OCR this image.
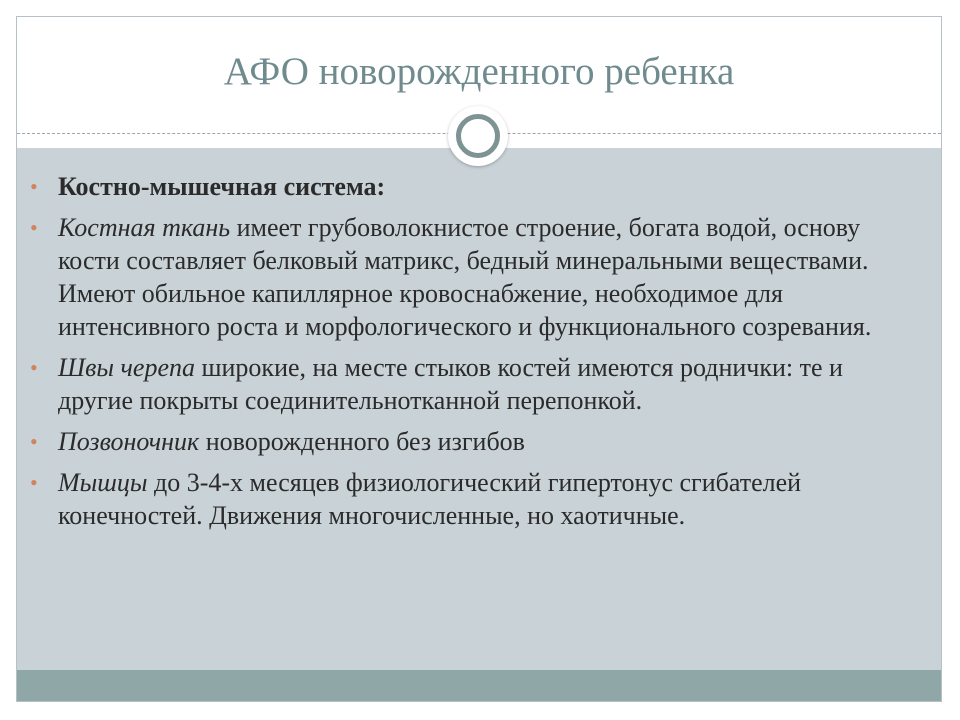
АФО новорожденного ребенка
• Костно-мышечная система:
• Костная ткань имеет грубоволокнистое строение, богата водой, основу кости составляет белковый матрикс, бедный минеральными веществами. Имеют обильное капиллярное кровоснабжение, необходимое для интенсивного роста и морфологического и функционального созревания.
• Швы черепа широкие, на месте стыков костей имеются роднички: те и другие покрыты соединительнотканной перепонкой.
• Позвоночник новорожденного без изгибов
• Мышцы до 3-4-х месяцев физиологический гипертонус сгибателей конечностей. Движения многочисленные, но хаотичные.
